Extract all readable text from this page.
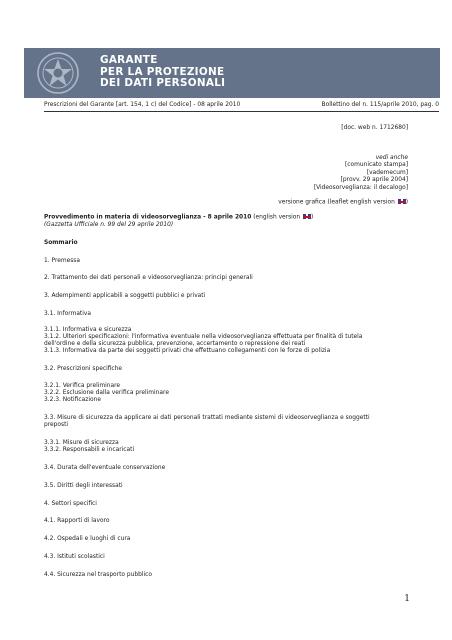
GARANTE
PER LA PROTEZIONE
DEI DATI PERSONALI
Prescrizioni del Garante [art. 154, 1 c) del Codice] - 08 aprile 2010	Bollettino del n. 115/aprile 2010, pag. 0
[doc. web n. 1712680]
vedi anche
[comunicato stampa]
[vademecum]
[provv. 29 aprile 2004]
[Videosorveglianza: il decalogo]
versione grafica (leaflet english version )
Provvedimento in materia di videosorveglianza - 8 aprile 2010 (english version )
(Gazzetta Ufficiale n. 99 del 29 aprile 2010)
Sommario
1. Premessa
2. Trattamento dei dati personali e videosorveglianza: principi generali
3. Adempimenti applicabili a soggetti pubblici e privati
3.1. Informativa
3.1.1. Informativa e sicurezza
3.1.2. Ulteriori specificazioni: l'informativa eventuale nella videosorveglianza effettuata per finalità di tutela
dell'ordine e della sicurezza pubblica, prevenzione, accertamento o repressione dei reati
3.1.3. Informativa da parte dei soggetti privati che effettuano collegamenti con le forze di polizia
3.2. Prescrizioni specifiche
3.2.1. Verifica preliminare
3.2.2. Esclusione dalla verifica preliminare
3.2.3. Notificazione
3.3. Misure di sicurezza da applicare ai dati personali trattati mediante sistemi di videosorveglianza e soggetti
preposti
3.3.1. Misure di sicurezza
3.3.2. Responsabili e incaricati
3.4. Durata dell'eventuale conservazione
3.5. Diritti degli interessati
4. Settori specifici
4.1. Rapporti di lavoro
4.2. Ospedali e luoghi di cura
4.3. Istituti scolastici
4.4. Sicurezza nel trasporto pubblico
1
